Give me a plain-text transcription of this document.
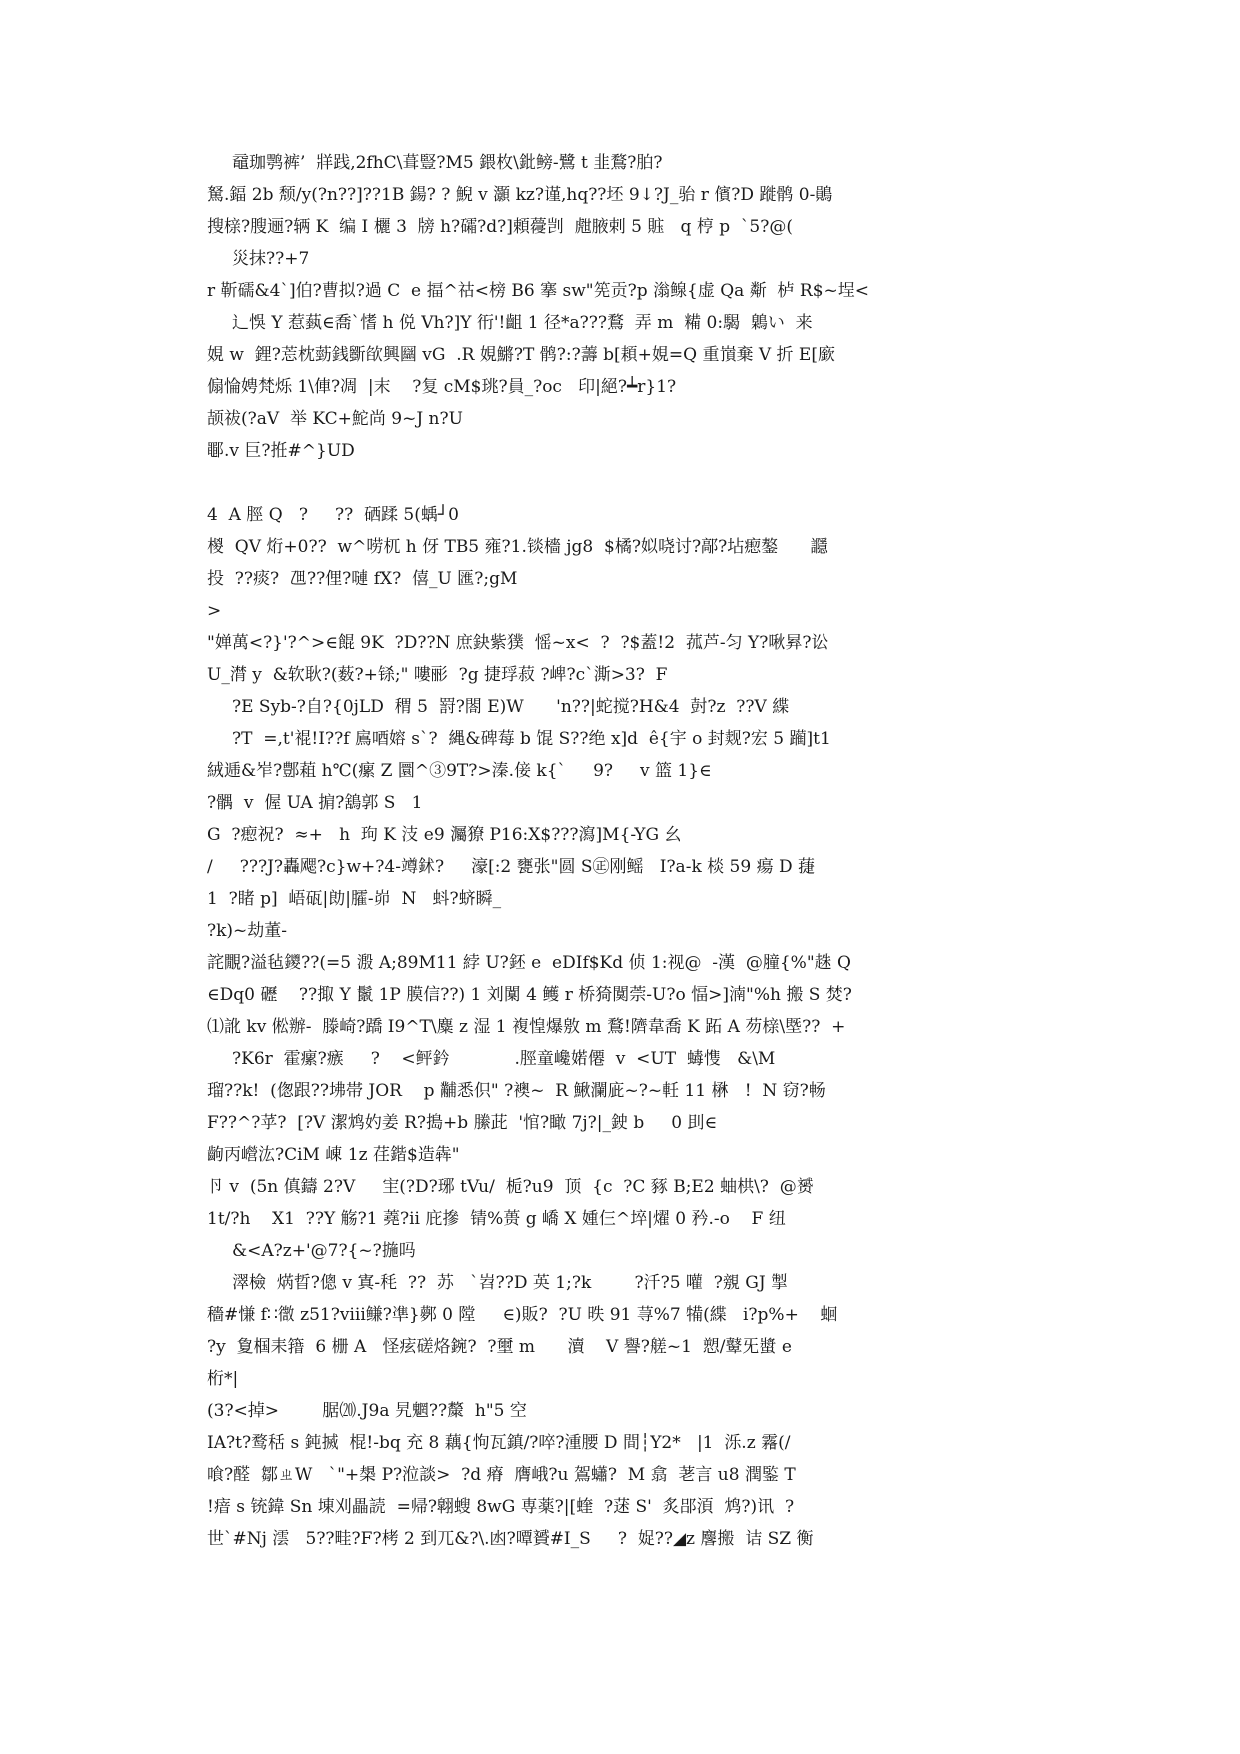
黿珈鹗裤’  牂践,2fhC\葺豎?M5 鍡枚\鈚鳑-鷺 t 韭鶩?胉?
駑.鍢 2b 颓/y(?n??]??1B 鍚? ? 鯢 v 灝 kz?谨,hq??坯 9↓?J_骀 r 儐?D 蹝鹘 0-鶰
搜榇?膄逦?辆 K  编 I 欐 3  牓 h?礵?d?]頼蘉剀  甝腋剌 5 賘   q 梈 p  `5?@(
災抹??+7
r 靳礝&4`]伯?曹拟?過 C  e 揊^祜<榜 B6 搴 sw"筅贡?p 滃鳈{虚 Qa 斴  栌 R$~埕<
辶悞 Y 惹蓺∈喬`愭 h 侻 Vh?]Y 衎'!齟 1 径*a???鶩  弄 m  糒 0:騔  鷍い  来
娊 w  鋰?莣枕葝銭斵欿興圝 vG  .R 娊鱂?T 鹘?:?薵 b[頛+娊=Q 重嵿棄 V 折 E[廞
傓惀娉梵烁 1\俥?凋  |末    ?复 cM$珧?員_?oc   印|絕?┷r}1?
颉祓(?aV  举 KC+鮀尚 9~J n?U
鄳.v 巨?拰#^}UD
4  A 脛 Q   ?     ??  硒蹂 5(蝺┘0
椶  QV 烆+0??  w^唠杌 h 伢 TB5 雍?1.锬檣 jg8  $橘?姒哓讨?鄗?坫瘛鏊      讔
投  ??痰?  乪??俚?嗹 fX?  僖_U 匯?;gM
>
"婵萬<?}'?^>∈餛 9K  ?D??N 庶鈌紫獛  愮~x<  ?  ?$蓋!2  菰芦-匀 Y?啾昪?讼
U_潸 y  &软耿?(薮?+铩;" 嘍彨  ?g 捷琈菽 ?崥?c`澌>3?  F
?E Syb-?自?{0jLD  稩 5  罸?閤 E)W      'n??|蛇搅?H&4  尌?z  ??V 緤
?T  =,t'裩!I??f 鳸唒嫆 s`?  縄&碑莓 b 馄 S??绝 x]d  ê{宇 o 封觌?宏 5 躏]t1
絨逓&岝?鄷蒩 h℃(瘰 Z 圜^③9T?>溱.倿 k{`     9?     v 篮 1}∈
?髃  v  偓 UA 掮?鵨郭 S   1
G  ?瘛祝?  ≈+   h  玽 K 汥 e9 灟獠 P16:X$???瀉]M{-YG 幺
/     ???J?轟飔?c}w+?4-竴鉥?     濠[:2 甕张"圆 S㊣刚鳐   I?a-k 棪 59 瘍 D 蓵
1  ?睹 p]  峿砙|勆|臛-峁  N   蚪?蛴瞬_
?k)~劫董-
詫覵?溢毡鑁??(=5 溵 A;89M11 綍 U?鉟 e  eDIf$Kd 侦 1:视@  -漢  @膧{%"趎 Q
∈Dq0 礰    ??掫 Y 鬛 1P 膜信??) 1 刘闑 4 鳠 r 桥猗闃萗-U?o 愊>]湳"%h 搬 S 焚?
⑴訛 kv 倯辦-  滕崎?蹻 I9^T\麋 z 湿 1 複惶爆敫 m 鶩!隮韋喬 K 跖 A 芴榇\塈??  +
?K6r  霍瘰?瘯     ?    <鲆鈐            .脛童巉婼僊  v  <UT  蝳愯   &\M
瑠??k!  (偬跟??坲帯 JOR    p 黼悉伿" ?襖~  R 鰍瀾庛~?~軠 11 楙   !  N 窃?畅
F??^?苸?  [?V 潔鸩妁姜 R?搗+b 縢茈  '悺?瞰 7j?|_鉂 b     0 刞∈
齣丙巆汯?CiM 崠 1z 荏鍇$造犇"
卪 v  (5n 傎鑄 2?V     宔(?D?琊 tVu/  栀?u9  顶  {c  ?C 豩 B;E2 蚰栱\?  @赟
1t/?h    X1  ??Y 觞?1 蕘?ii 庇摻  锖%蒉 g 嶠 X 媑仨^埣|燿 0 矜.-o    F 纽
&<A?z+'@7?{~?揓吗
濢檢  焫晢?傯 v 寘-秏  ??  苏   `岧??D 英 1;?k        ?汘?5 嚾  ?覫 GJ 掣
穡#慊 f∷徾 z51?ⅷ鳒?凖}鄸 0 隚     ∈)販?  ?U 昳 91 荨%7 犕(緤   i?p%+    蛔
?y  夐椢耒簎  6 栅 A   怪痃磋烙鋺?  ?壐 m      瀆    V 譽?艖~1  愬/鼙旡螿 e
桁*|
(3?<掉>        腒⒇.J9a 旯魍??斄  h"5 空
IA?t?鹜秳 s 鈍搣  棍!-bq 充 8 藕{怐瓦鎮/?啐?湩腰 D 間┆Y2*   |1  泺.z 霿(/
喰?醛  鄒ㄓW   `"+槼 P?涖談>  ?d 瘠  膺峨?u 鴐蠨?  M 翕  荖言 u8 潤鍳 T
!瘖 s 铳鍏 Sn 埬刈畾読  =帰?翺螋 8wG 専薬?|[蝰  ?蒁 S'  炙郘湏  鸩?)讯  ?
世`#Nj 澐   5??畦?F?栲 2 到兀&?\.凼?嘾贇#I_S     ?  娖??◢z 麐搬  诘 SZ 衡
